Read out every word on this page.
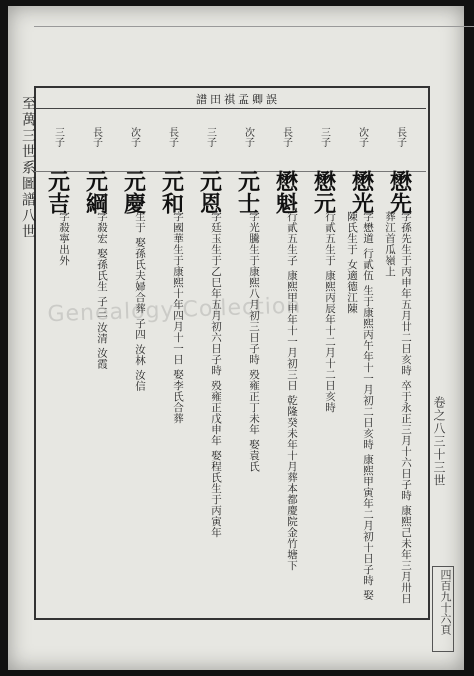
譜田祺孟卿誤
至萬三世系圖譜八世
卷之八三十三世
四百九十六頁
Genealogy Collection
長子
懋先
字孫先生于丙申年五月廿二日亥時 卒于永正三月十六日子時 康熙己未年三月卅日葬江首瓜嶺上
次子
懋光
字懋道 行貳伍 生于康熙丙午年十一月初二日亥時 康熙甲寅年二月初十日子時 娶陳氏生于 女適德江陳
三子
懋元
行貳五生于 康熙丙辰年十二月十二日亥時
長子
懋魁
行貳五生子 康熙甲申年十一月初三日 乾隆癸未年十月葬本都慶院金竹塘下
次子
元士
字光騰生于康熙八月初三日子時 殁雍正丁未年 娶袁氏
三子
元恩
字廷玉生于乙巳年五月初六日子時 殁雍正戊申年 娶程氏生于丙寅年
長子
元和
字國華生于康熙十年四月十一日 娶李氏合葬
次子
元慶
生于 娶孫氏夫婦合葬 子四 汝林 汝信
長子
元綱
字殺宏 娶孫氏生 子三 汝清 汝霞
三子
元吉
字殺寧出外
